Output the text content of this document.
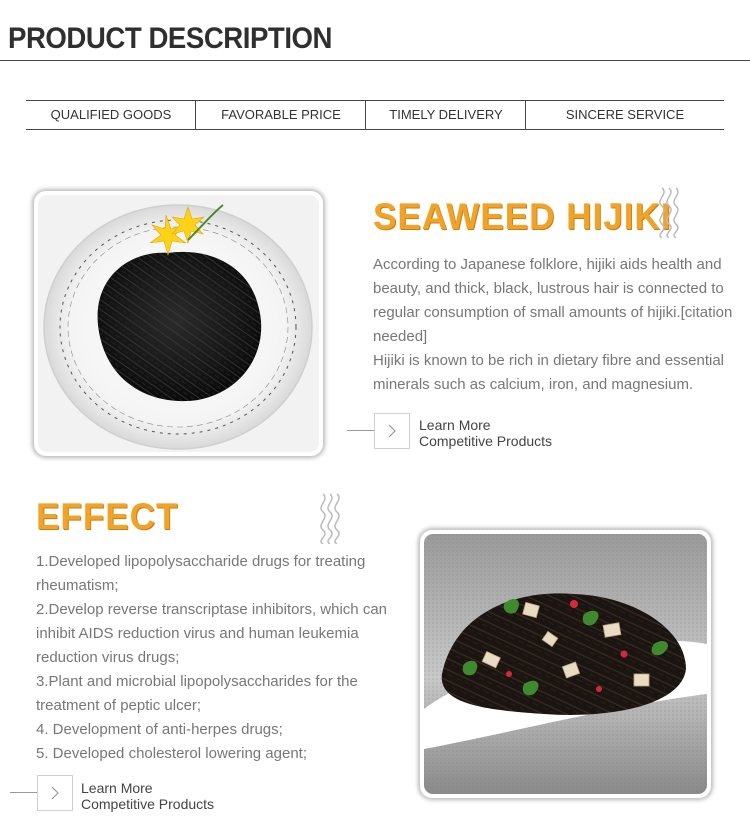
PRODUCT DESCRIPTION
QUALIFIED GOODS	FAVORABLE PRICE	TIMELY DELIVERY	SINCERE SERVICE
SEAWEED HIJIKI

According to Japanese folklore, hijiki aids health and beauty, and thick, black, lustrous hair is connected to regular consumption of small amounts of hijiki.[citation needed]

Hijiki is known to be rich in dietary fibre and essential minerals such as calcium, iron, and magnesium.

Learn More
Competitive Products
EFFECT

1.Developed lipopolysaccharide drugs for treating rheumatism;

2.Develop reverse transcriptase inhibitors, which can inhibit AIDS reduction virus and human leukemia reduction virus drugs;

3.Plant and microbial lipopolysaccharides for the treatment of peptic ulcer;

4. Development of anti-herpes drugs;

5. Developed cholesterol lowering agent;

Learn More
Competitive Products
